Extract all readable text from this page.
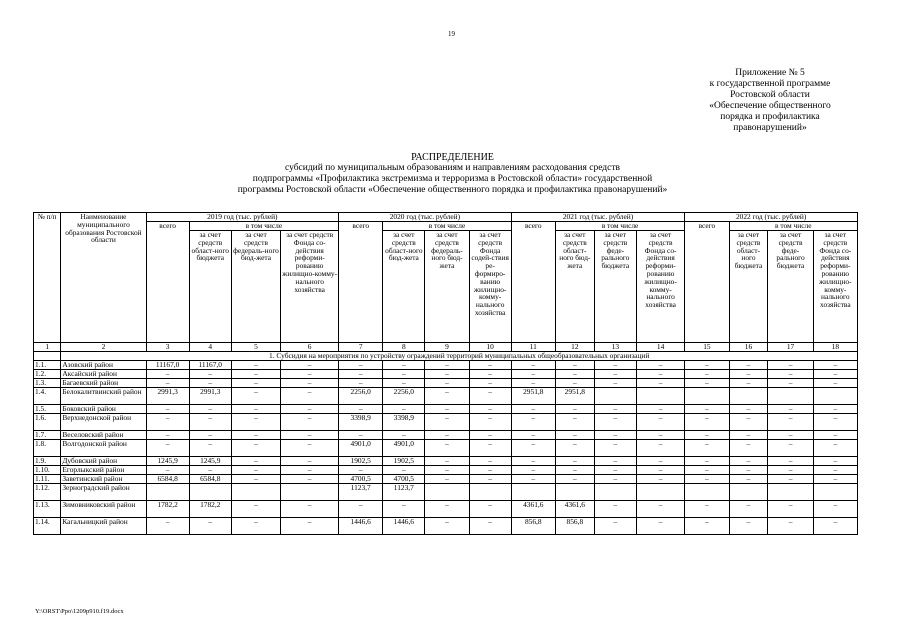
19
Приложение № 5
к государственной программе
Ростовской области
«Обеспечение общественного
порядка и профилактика
правонарушений»
РАСПРЕДЕЛЕНИЕ
субсидий по муниципальным образованиям и направлениям расходования средств
подпрограммы «Профилактика экстремизма и терроризма в Ростовской области» государственной
программы Ростовской области «Обеспечение общественного порядка и профилактика правонарушений»
№ п/п	Наименование муниципального образования Ростовской области	2019 год (тыс. рублей)				2020 год (тыс. рублей)				2021 год (тыс. рублей)				2022 год (тыс. рублей)			
		всего	в том числе			всего	в том числе			всего	в том числе			всего	в том числе		
			за счет средств област-ного бюджета	за счет средств федераль-ного бюд-жета	за счет средств Фонда со-действия реформи-рованию жилищно-комму-нального хозяйства		за счет средств област-ного бюд-жета	за счет средств федераль-ного бюд-жета	за счет средств Фонда содей-ствия ре-формиро-ванию жилищно-комму-нального хозяйства		за счет средств област-ного бюд-жета	за счет средств феде-рального бюджета	за счет средств Фонда со-действия реформи-рованию жилищно-комму-нального хозяйства		за счет средств област-ного бюджета	за счет средств феде-рального бюджета	за счет средств Фонда со-действия реформи-рованию жилищно-комму-нального хозяйства
1	2	3	4	5	6	7	8	9	10	11	12	13	14	15	16	17	18
	1. Субсидия на мероприятия по устройству ограждений территорий муниципальных общеобразовательных организаций																
1.1.	Азовский район	11167,0	11167,0	–	–	–	–	–	–	–	–	–	–	–	–	–	–
1.2.	Аксайский район	–	–	–	–	–	–	–	–	–	–	–	–	–	–	–	–
1.3.	Багаевский район	–	–	–	–	–	–	–	–	–	–	–	–	–	–	–	–
1.4.	Белокалитвинский район	2991,3	2991,3	–	–	2256,0	2256,0	–	–	2951,8	2951,8						
1.5.	Боковский район	–	–	–	–	–	–	–	–	–	–	–	–	–	–	–	–
1.6.	Верхнедонской район	–	–	–	–	3398,9	3398,9	–	–	–	–	–	–	–	–	–	–
1.7.	Веселовский район	–	–	–	–	–	–	–	–	–	–	–	–	–	–	–	–
1.8.	Волгодонской район	–	–	–	–	4901,0	4901,0	–	–	–	–	–	–	–	–	–	–
1.9.	Дубовский район	1245,9	1245,9	–	–	1902,5	1902,5	–	–	–	–	–	–	–	–	–	–
1.10.	Егорлыкский район	–	–	–	–	–	–	–	–	–	–	–	–	–	–	–	–
1.11.	Заветинский район	6584,8	6584,8	–	–	4700,5	4700,5	–	–	–	–	–	–	–	–	–	–
1.12.	Зерноградский район					1123,7	1123,7										
1.13.	Зимовниковский район	1782,2	1782,2	–	–	–	–	–	–	4361,6	4361,6	–	–	–	–	–	–
1.14.	Кагальницкий район	–	–	–	–	1446,6	1446,6	–	–	856,8	856,8	–	–	–	–	–	–
Y:\ORST\Ppo\1209p910.f19.docx
